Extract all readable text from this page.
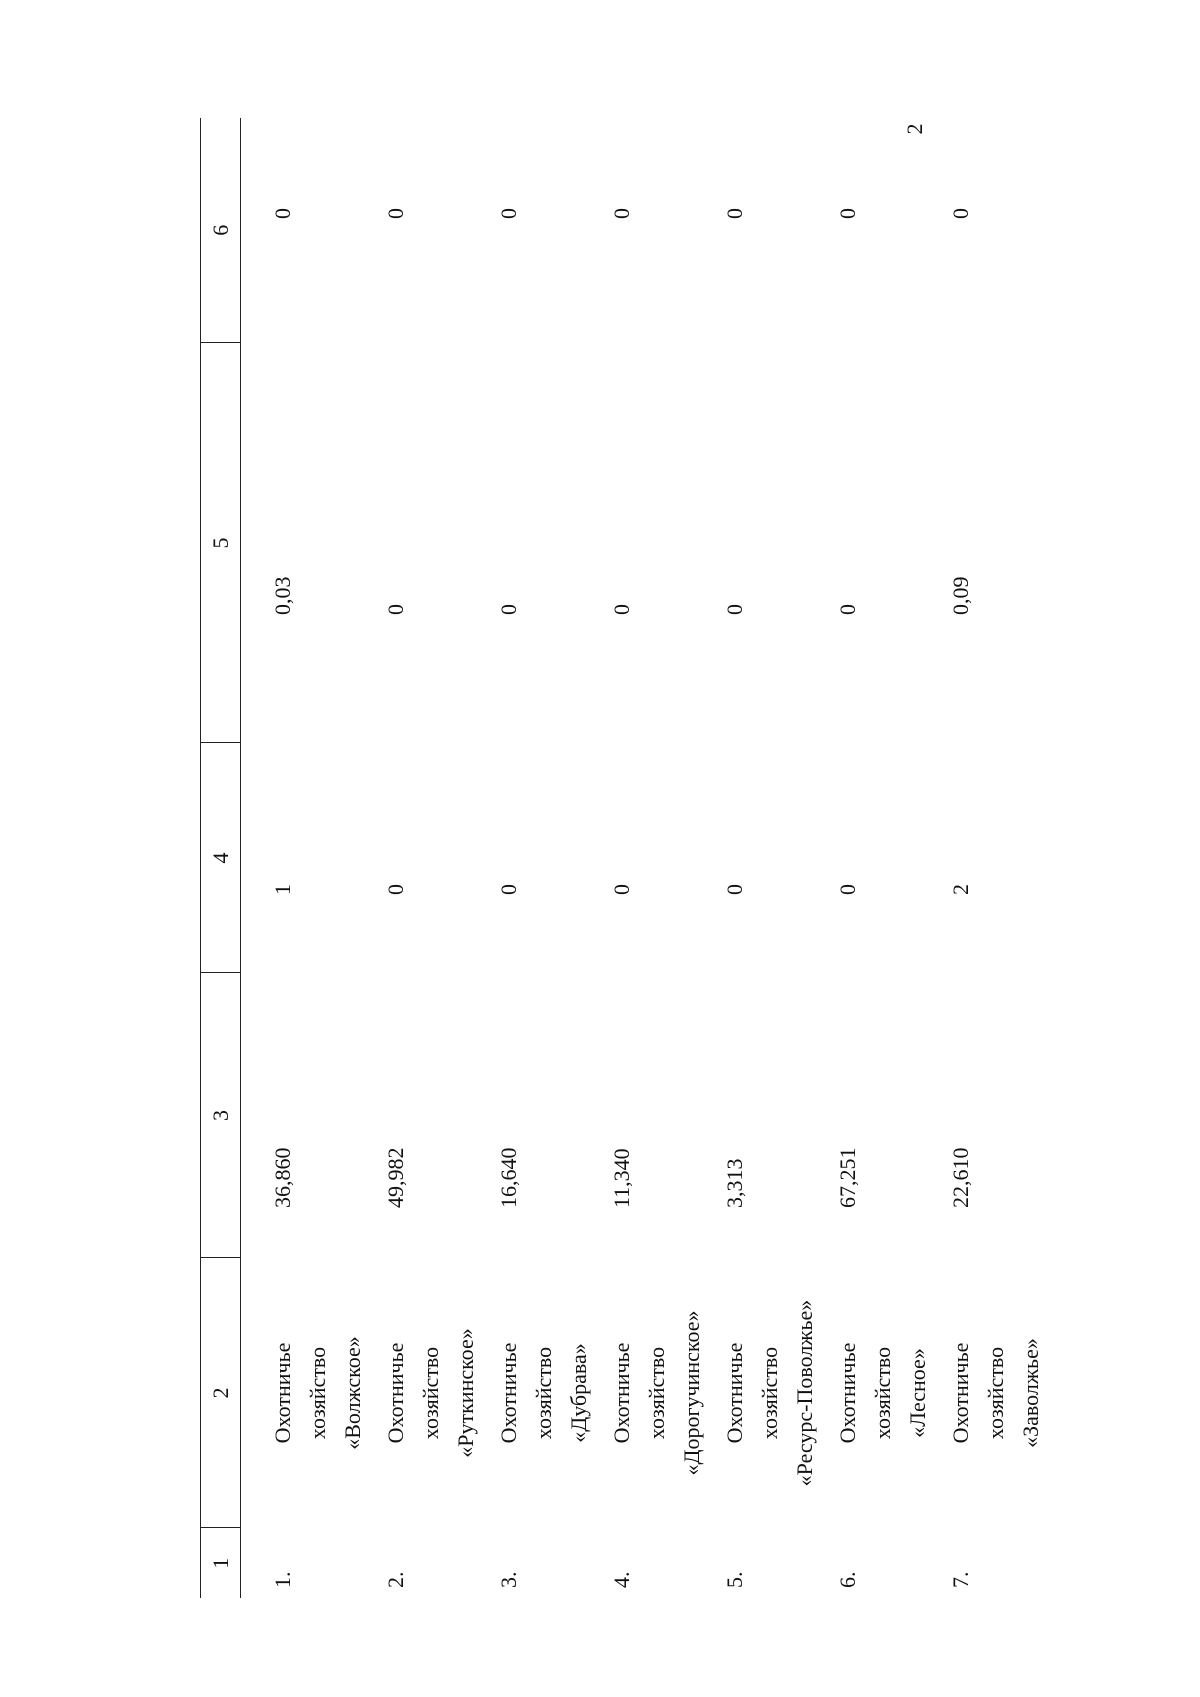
2
1	2	3	4	5	6
1.	Охотничье хозяйство «Волжское»	36,860	1	0,03	0
2.	Охотничье хозяйство «Руткинское»	49,982	0	0	0
3.	Охотничье хозяйство «Дубрава»	16,640	0	0	0
4.	Охотничье хозяйство «Дорогучинское»	11,340	0	0	0
5.	Охотничье хозяйство «Ресурс-Поволжье»	3,313	0	0	0
6.	Охотничье хозяйство «Лесное»	67,251	0	0	0
7.	Охотничье хозяйство «Заволжье»	22,610	2	0,09	0
